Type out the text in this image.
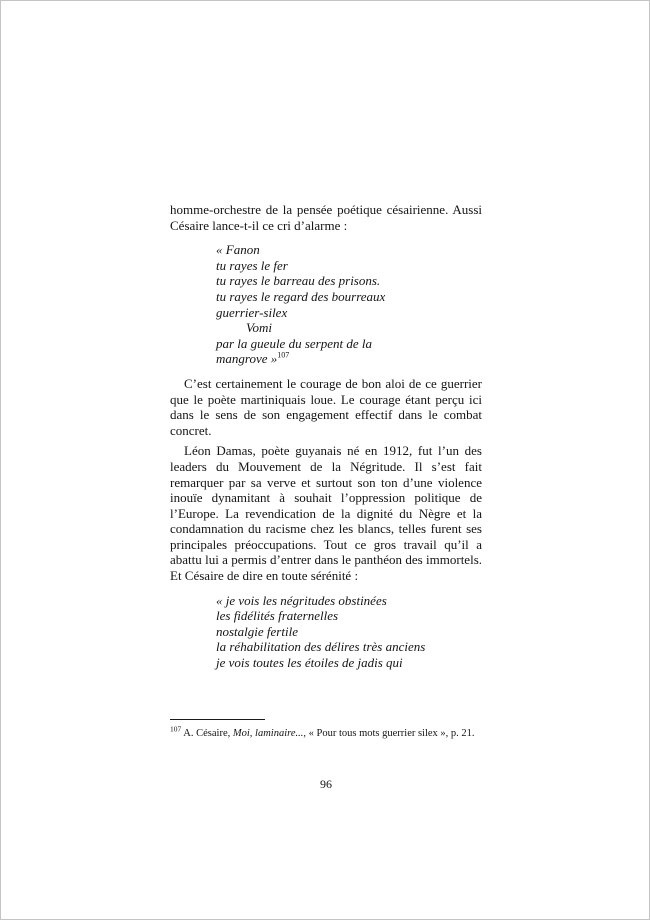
homme-orchestre de la pensée poétique césairienne. Aussi Césaire lance-t-il ce cri d’alarme :

« Fanon
tu rayes le fer
tu rayes le barreau des prisons.
tu rayes le regard des bourreaux
guerrier-silex
Vomi
par la gueule du serpent de la
mangrove »$^{107}$

C’est certainement le courage de bon aloi de ce guerrier que le poète martiniquais loue. Le courage étant perçu ici dans le sens de son engagement effectif dans le combat concret.

Léon Damas, poète guyanais né en 1912, fut l’un des leaders du Mouvement de la Négritude. Il s’est fait remarquer par sa verve et surtout son ton d’une violence inouïe dynamitant à souhait l’oppression politique de l’Europe. La revendication de la dignité du Nègre et la condamnation du racisme chez les blancs, telles furent ses principales préoccupations. Tout ce gros travail qu’il a abattu lui a permis d’entrer dans le panthéon des immortels. Et Césaire de dire en toute sérénité :

« je vois les négritudes obstinées
les fidélités fraternelles
nostalgie fertile
la réhabilitation des délires très anciens
je vois toutes les étoiles de jadis qui

$^{107}$ A. Césaire, Moi, laminaire..., « Pour tous mots guerrier silex », p. 21.

96
